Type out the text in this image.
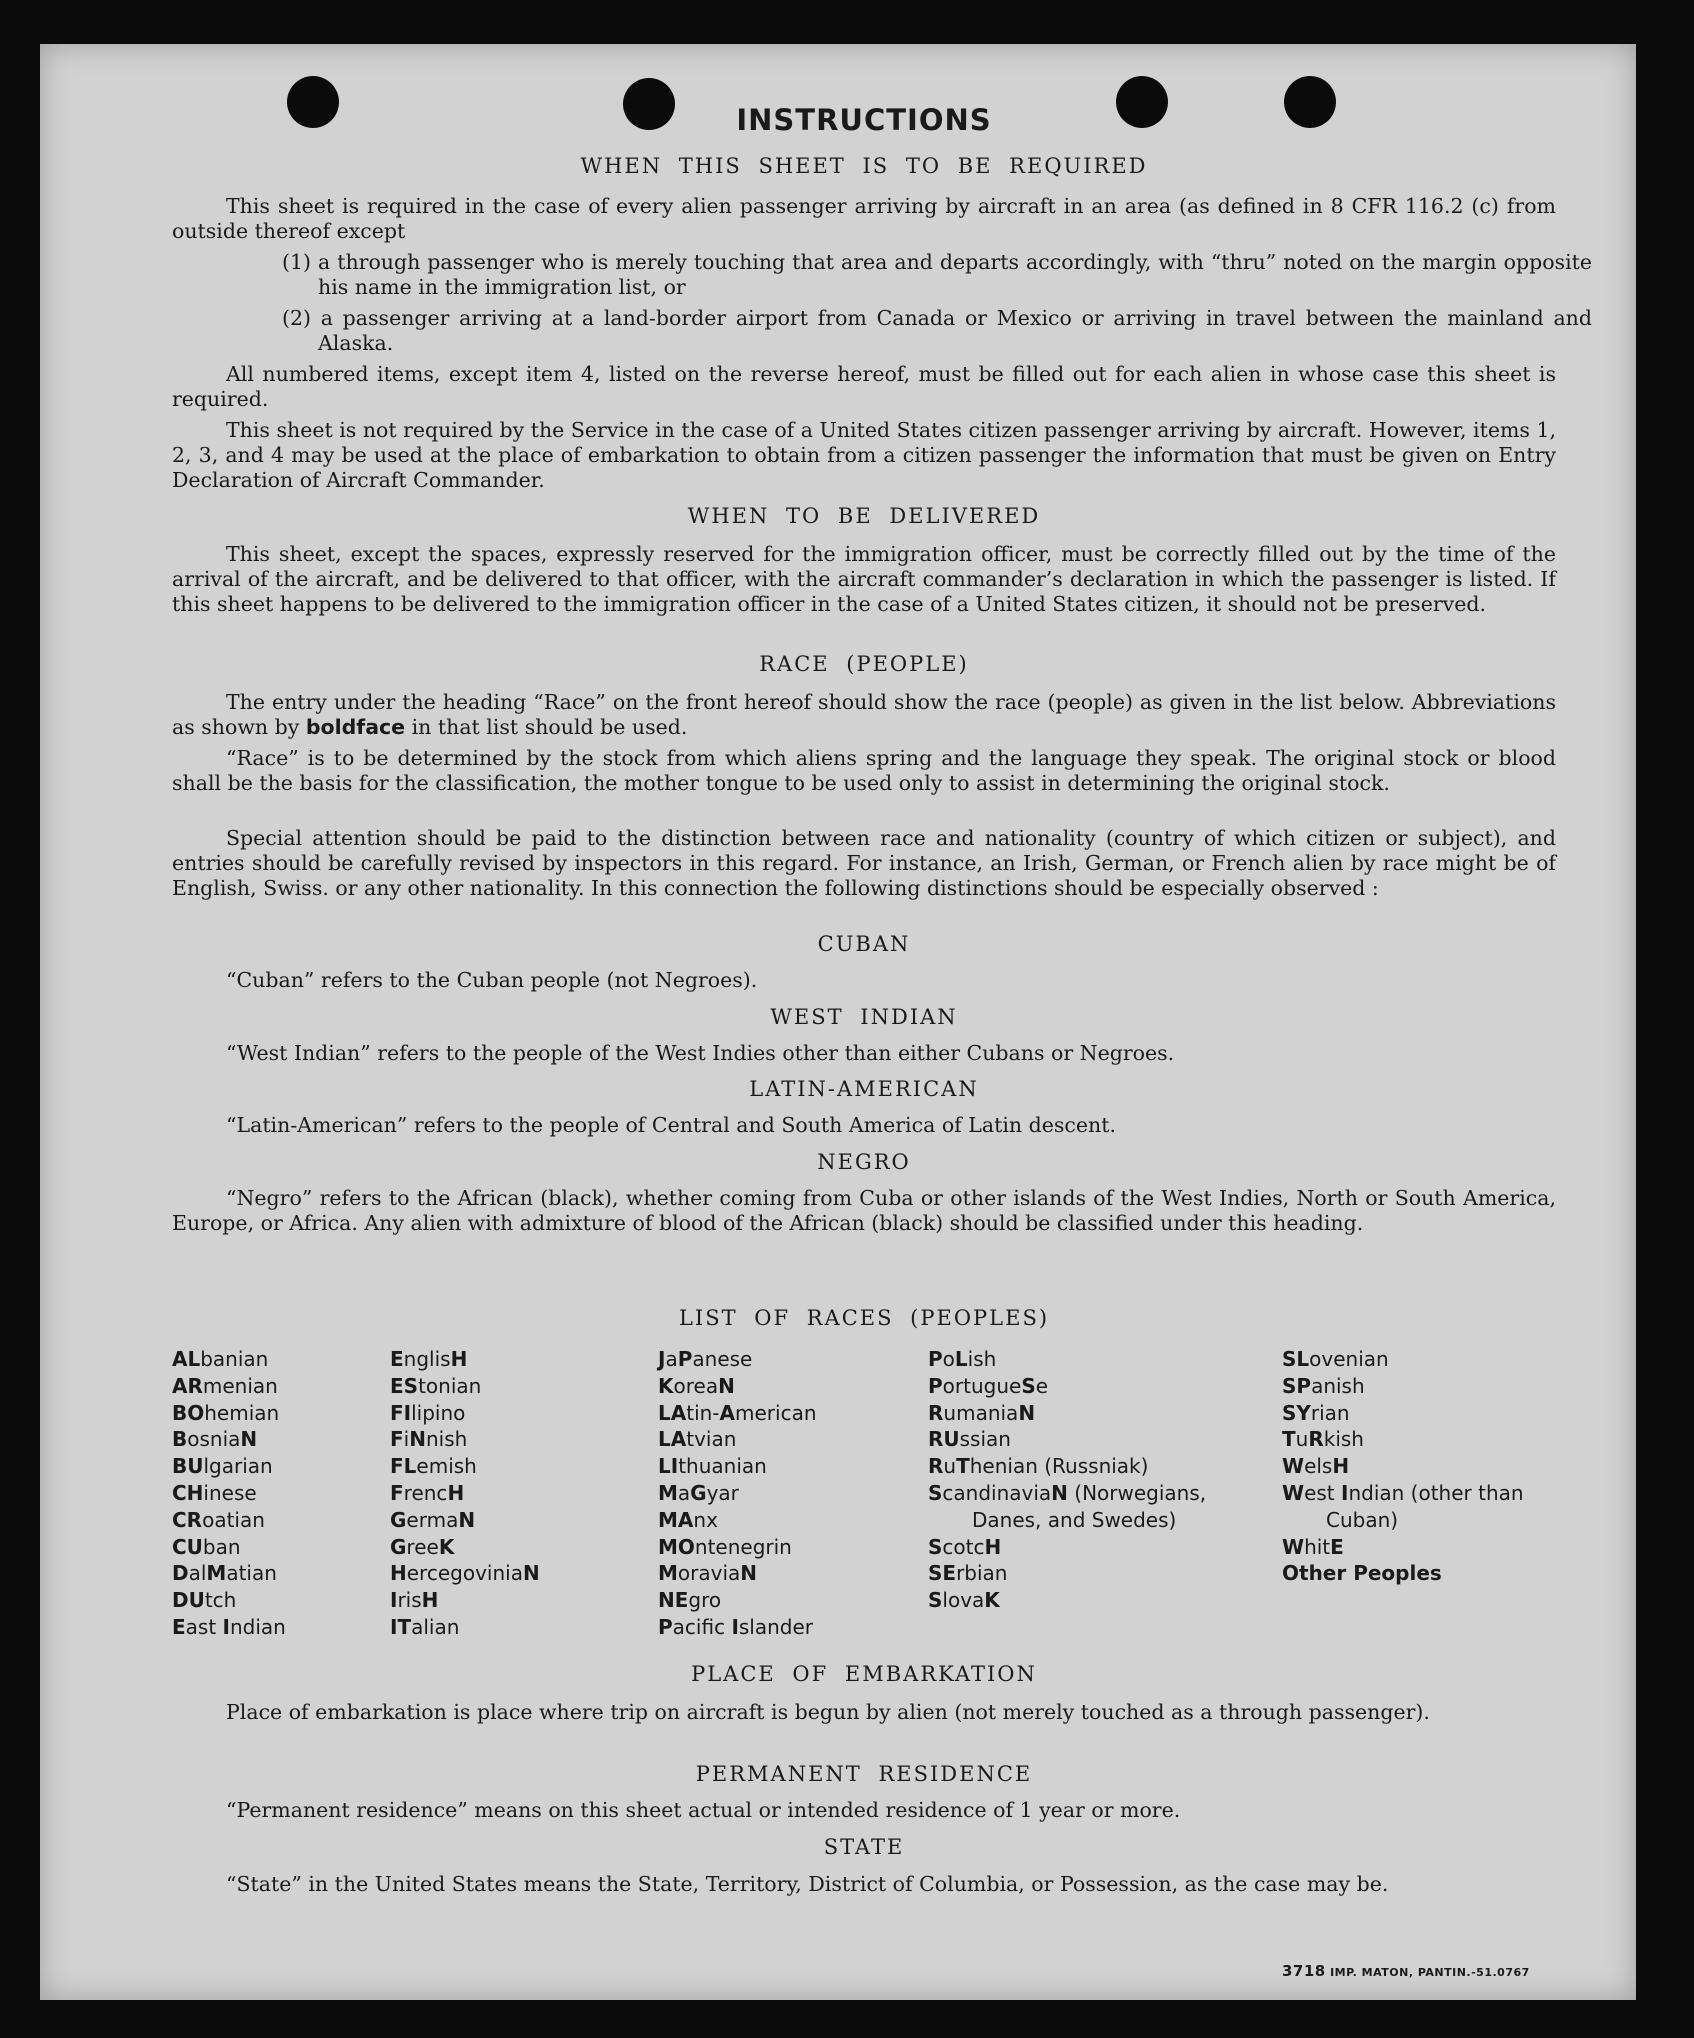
INSTRUCTIONS
WHEN THIS SHEET IS TO BE REQUIRED

This sheet is required in the case of every alien passenger arriving by aircraft in an area (as defined in 8 CFR 116.2 (c) from outside thereof except

(1) a through passenger who is merely touching that area and departs accordingly, with “thru” noted on the margin opposite his name in the immigration list, or

(2) a passenger arriving at a land-border airport from Canada or Mexico or arriving in travel between the mainland and Alaska.

All numbered items, except item 4, listed on the reverse hereof, must be filled out for each alien in whose case this sheet is required.

This sheet is not required by the Service in the case of a United States citizen passenger arriving by aircraft. However, items 1, 2, 3, and 4 may be used at the place of embarkation to obtain from a citizen passenger the information that must be given on Entry Declaration of Aircraft Commander.

WHEN TO BE DELIVERED

This sheet, except the spaces, expressly reserved for the immigration officer, must be correctly filled out by the time of the arrival of the aircraft, and be delivered to that officer, with the aircraft commander’s declaration in which the passenger is listed. If this sheet happens to be delivered to the immigration officer in the case of a United States citizen, it should not be preserved.

RACE (PEOPLE)

The entry under the heading “Race” on the front hereof should show the race (people) as given in the list below. Abbreviations as shown by boldface in that list should be used.

“Race” is to be determined by the stock from which aliens spring and the language they speak. The original stock or blood shall be the basis for the classification, the mother tongue to be used only to assist in determining the original stock.

Special attention should be paid to the distinction between race and nationality (country of which citizen or subject), and entries should be carefully revised by inspectors in this regard. For instance, an Irish, German, or French alien by race might be of English, Swiss. or any other nationality. In this connection the following distinctions should be especially observed :

CUBAN
“Cuban” refers to the Cuban people (not Negroes).
WEST INDIAN
“West Indian” refers to the people of the West Indies other than either Cubans or Negroes.
LATIN-AMERICAN
“Latin-American” refers to the people of Central and South America of Latin descent.
NEGRO

“Negro” refers to the African (black), whether coming from Cuba or other islands of the West Indies, North or South America, Europe, or Africa. Any alien with admixture of blood of the African (black) should be classified under this heading.

LIST OF RACES (PEOPLES)
ALbanian
ARmenian
BOhemian
BosniaN
BUlgarian
CHinese
CRoatian
CUban
DalMatian
DUtch
East Indian
EnglisH
EStonian
FIlipino
FiNnish
FLemish
FrencH
GermaN
GreeK
HercegoviniaN
IrisH
ITalian
JaPanese
KoreaN
LAtin-American
LAtvian
LIthuanian
MaGyar
MAnx
MOntenegrin
MoraviaN
NEgro
Pacific Islander
PoLish
PortugueSe
RumaniaN
RUssian
RuThenian (Russniak)
ScandinaviaN (Norwegians, Danes, and Swedes)
ScotcH
SErbian
SlovaK
SLovenian
SPanish
SYrian
TuRkish
WelsH
West Indian (other than Cuban)
WhitE
Other Peoples
PLACE OF EMBARKATION

Place of embarkation is place where trip on aircraft is begun by alien (not merely touched as a through passenger).

PERMANENT RESIDENCE
“Permanent residence” means on this sheet actual or intended residence of 1 year or more.
STATE
“State” in the United States means the State, Territory, District of Columbia, or Possession, as the case may be.
3718 IMP. MATON, PANTIN.-51.0767
